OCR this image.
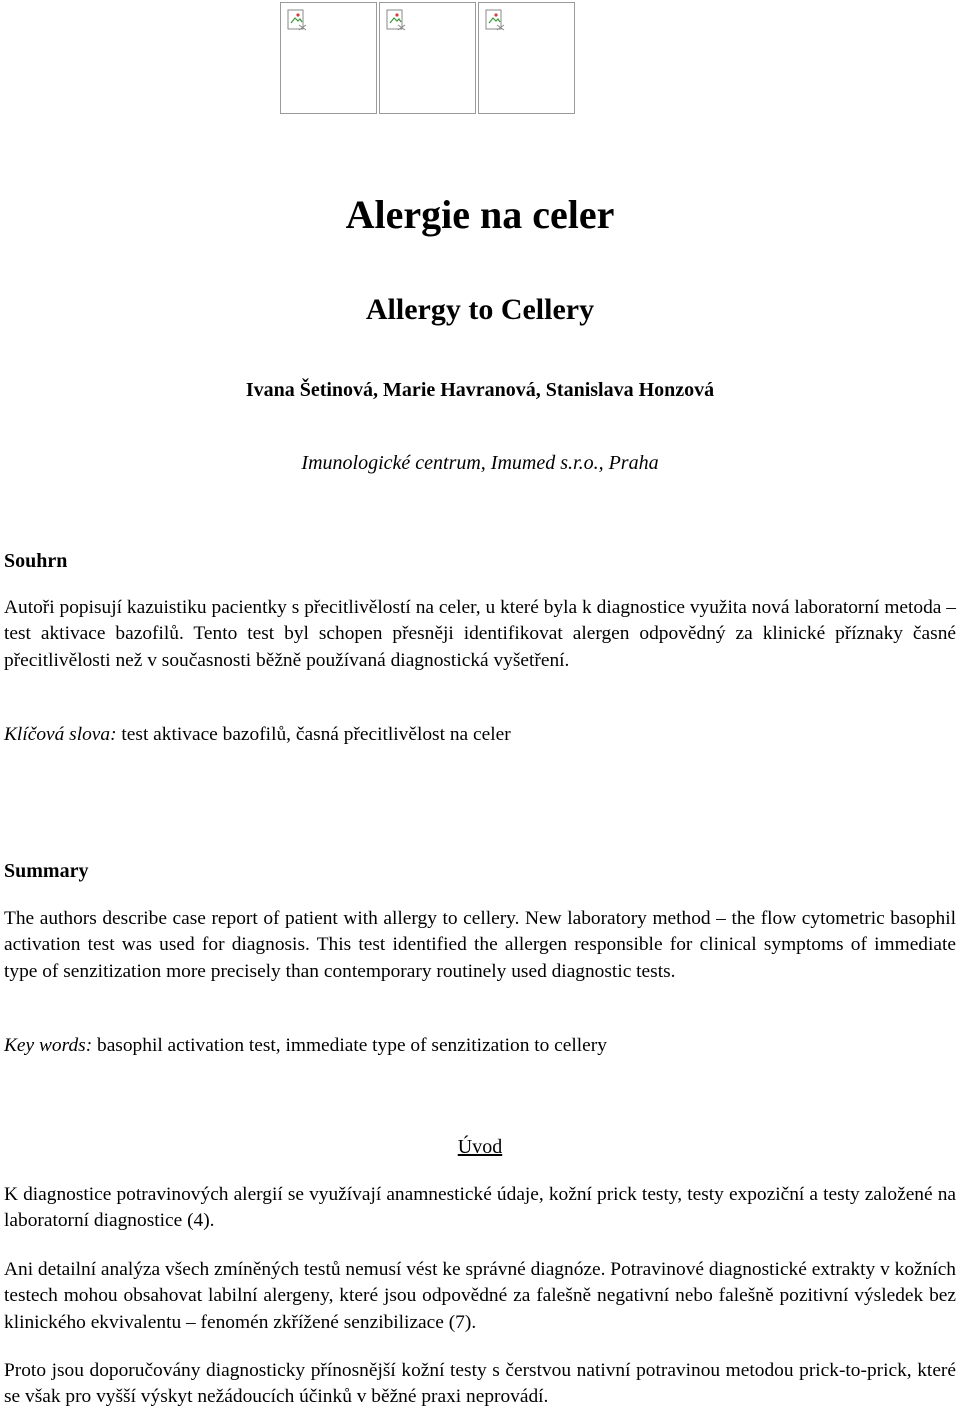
Alergie na celer
Allergy to Cellery
Ivana Šetinová, Marie Havranová, Stanislava Honzová
Imunologické centrum, Imumed s.r.o., Praha
Souhrn
Autoři popisují kazuistiku pacientky s přecitlivělostí na celer, u které byla k diagnostice využita nová laboratorní metoda – test aktivace bazofilů. Tento test byl schopen přesněji identifikovat alergen odpovědný za klinické příznaky časné přecitlivělosti než v současnosti běžně používaná diagnostická vyšetření.
Klíčová slova: test aktivace bazofilů, časná přecitlivělost na celer
Summary
The authors describe case report of patient with allergy to cellery. New laboratory method – the flow cytometric basophil activation test was used for diagnosis. This test identified the allergen responsible for clinical symptoms of immediate type of senzitization more precisely than contemporary routinely used diagnostic tests.
Key words: basophil activation test, immediate type of senzitization to cellery
Úvod
K diagnostice potravinových alergií se využívají anamnestické údaje, kožní prick testy, testy expoziční a testy založené na laboratorní diagnostice (4).
Ani detailní analýza všech zmíněných testů nemusí vést ke správné diagnóze. Potravinové diagnostické extrakty v kožních testech mohou obsahovat labilní alergeny, které jsou odpovědné za falešně negativní nebo falešně pozitivní výsledek bez klinického ekvivalentu – fenomén zkřížené senzibilizace (7).
Proto jsou doporučovány diagnosticky přínosnější kožní testy s čerstvou nativní potravinou metodou prick-to-prick, které se však pro vyšší výskyt nežádoucích účinků v běžné praxi neprovádí.
